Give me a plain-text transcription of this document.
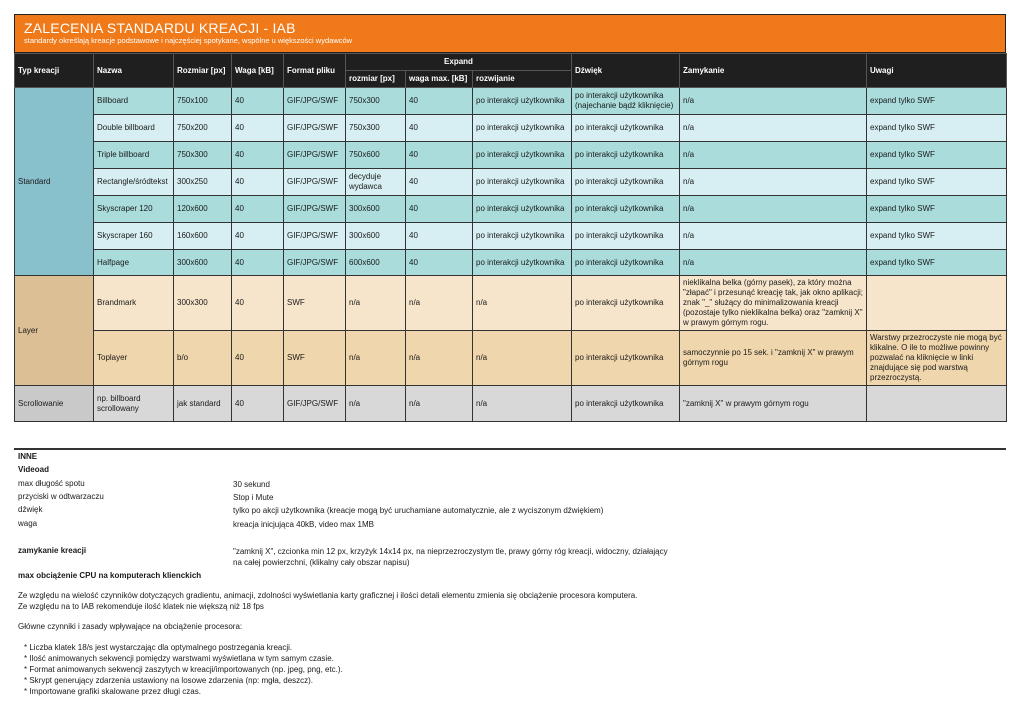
ZALECENIA STANDARDU KREACJI - IAB
standardy określają kreacje podstawowe i najczęściej spotykane, wspólne u większości wydawców
Typ kreacji	Nazwa	Rozmiar [px]	Waga [kB]	Format pliku	Expand			Dźwięk	Zamykanie	Uwagi
					rozmiar [px]	waga max. [kB]	rozwijanie			
Standard	Billboard	750x100	40	GIF/JPG/SWF	750x300	40	po interakcji użytkownika	po interakcji użytkownika (najechanie bądź kliknięcie)	n/a	expand tylko SWF
	Double billboard	750x200	40	GIF/JPG/SWF	750x300	40	po interakcji użytkownika	po interakcji użytkownika	n/a	expand tylko SWF
	Triple billboard	750x300	40	GIF/JPG/SWF	750x600	40	po interakcji użytkownika	po interakcji użytkownika	n/a	expand tylko SWF
	Rectangle/śródtekst	300x250	40	GIF/JPG/SWF	decyduje wydawca	40	po interakcji użytkownika	po interakcji użytkownika	n/a	expand tylko SWF
	Skyscraper 120	120x600	40	GIF/JPG/SWF	300x600	40	po interakcji użytkownika	po interakcji użytkownika	n/a	expand tylko SWF
	Skyscraper 160	160x600	40	GIF/JPG/SWF	300x600	40	po interakcji użytkownika	po interakcji użytkownika	n/a	expand tylko SWF
	Halfpage	300x600	40	GIF/JPG/SWF	600x600	40	po interakcji użytkownika	po interakcji użytkownika	n/a	expand tylko SWF
Layer	Brandmark	300x300	40	SWF	n/a	n/a	n/a	po interakcji użytkownika	nieklikalna belka (górny pasek), za który można "złapać" i przesunąć kreację tak, jak okno aplikacji; znak "_" służący do minimalizowania kreacji (pozostaje tylko nieklikalna belka) oraz "zamknij X" w prawym górnym rogu.	
	Toplayer	b/o	40	SWF	n/a	n/a	n/a	po interakcji użytkownika	samoczynnie po 15 sek. i "zamknij X" w prawym górnym rogu	Warstwy przezroczyste nie mogą być klikalne. O ile to możliwe powinny pozwalać na kliknięcie w linki znajdujące się pod warstwą przezroczystą.
Scrollowanie	np. billboard scrollowany	jak standard	40	GIF/JPG/SWF	n/a	n/a	n/a	po interakcji użytkownika	"zamknij X" w prawym górnym rogu	
INNE
Videoad
max długość spotu	30 sekund
przyciski w odtwarzaczu	Stop i Mute
dźwięk	tylko po akcji użytkownika (kreacje mogą być uruchamiane automatycznie, ale z wyciszonym dźwiękiem)
waga	kreacja inicjująca 40kB, video max 1MB
zamykanie kreacji	"zamknij X", czcionka min 12 px, krzyżyk 14x14 px, na nieprzezroczystym tle, prawy górny róg kreacji, widoczny, działający
na całej powierzchni, (klikalny cały obszar napisu)
max obciążenie CPU na komputerach klienckich
Ze względu na wielość czynników dotyczących gradientu, animacji, zdolności wyświetlania karty graficznej i ilości detali elementu zmienia się obciążenie procesora komputera.
Ze względu na to IAB rekomenduje ilość klatek nie większą niż 18 fps
Główne czynniki i zasady wpływające na obciążenie procesora:
* Liczba klatek 18/s jest wystarczając dla optymalnego postrzegania kreacji.
* Ilość animowanych sekwencji pomiędzy warstwami wyświetlana w tym samym czasie.
* Format animowanych sekwencji zaszytych w kreacji/importowanych (np. jpeg, png, etc.).
* Skrypt generujący zdarzenia ustawiony na losowe zdarzenia (np: mgła, deszcz).
* Importowane grafiki skalowane przez długi czas.
